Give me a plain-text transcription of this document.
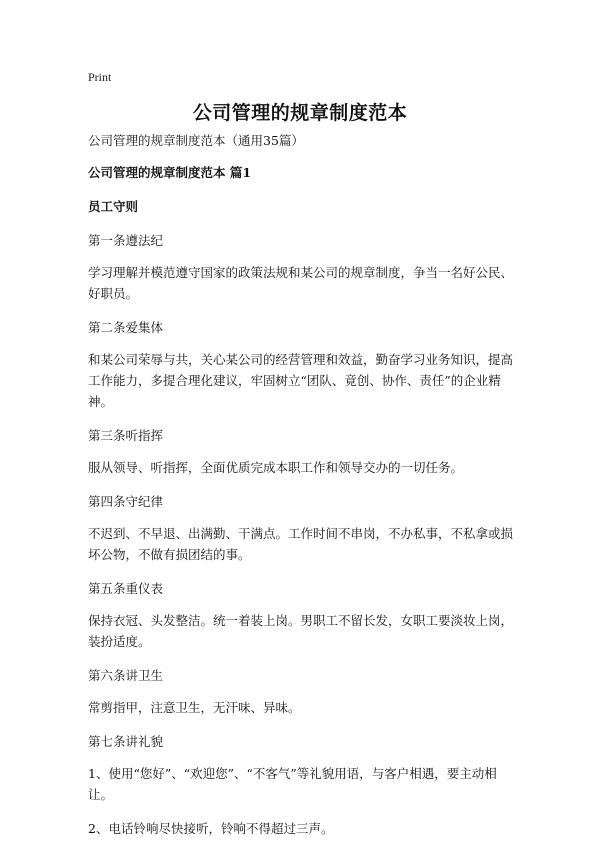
Print
公司管理的规章制度范本

公司管理的规章制度范本（通用35篇）

公司管理的规章制度范本 篇1

员工守则

第一条遵法纪

学习理解并模范遵守国家的政策法规和某公司的规章制度，争当一名好公民、好职员。

第二条爱集体

和某公司荣辱与共，关心某公司的经营管理和效益，勤奋学习业务知识，提高工作能力，多提合理化建议，牢固树立“团队、竟创、协作、责任”的企业精神。

第三条听指挥

服从领导、听指挥，全面优质完成本职工作和领导交办的一切任务。

第四条守纪律

不迟到、不早退、出满勤、干满点。工作时间不串岗，不办私事，不私拿或损坏公物，不做有损团结的事。

第五条重仪表

保持衣冠、头发整洁。统一着装上岗。男职工不留长发，女职工要淡妆上岗，装扮适度。

第六条讲卫生

常剪指甲，注意卫生，无汗味、异味。

第七条讲礼貌

1、使用“您好”、“欢迎您”、“不客气”等礼貌用语，与客户相遇，要主动相让。

2、电话铃响尽快接听，铃响不得超过三声。
